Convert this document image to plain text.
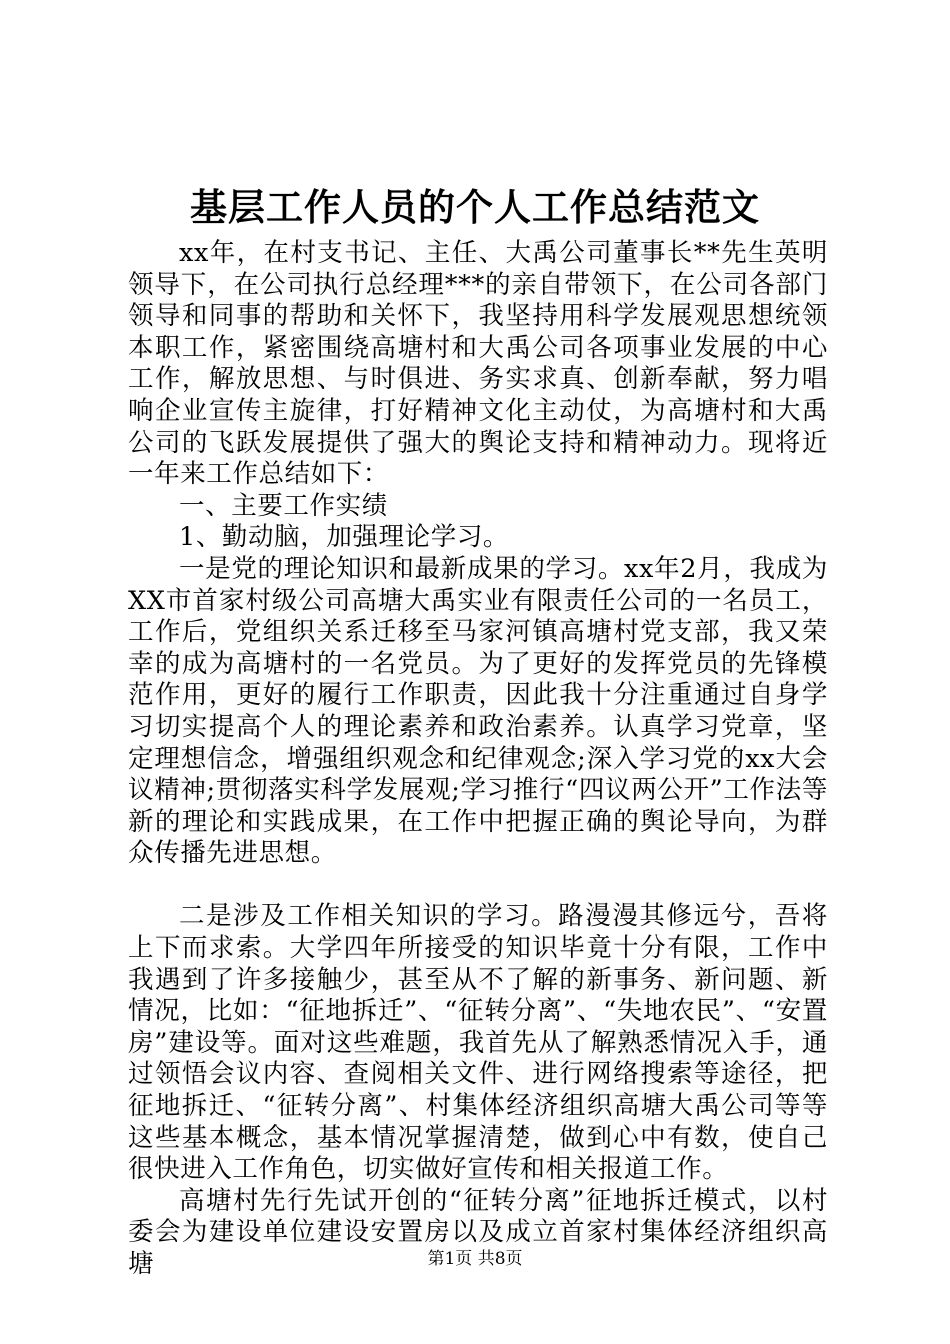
基层工作人员的个人工作总结范文

xx年，在村支书记、主任、大禹公司董事长**先生英明领导下，在公司执行总经理***的亲自带领下，在公司各部门领导和同事的帮助和关怀下，我坚持用科学发展观思想统领本职工作，紧密围绕高塘村和大禹公司各项事业发展的中心工作，解放思想、与时俱进、务实求真、创新奉献，努力唱响企业宣传主旋律，打好精神文化主动仗，为高塘村和大禹公司的飞跃发展提供了强大的舆论支持和精神动力。现将近一年来工作总结如下：

一、主要工作实绩

1、勤动脑，加强理论学习。

一是党的理论知识和最新成果的学习。xx年2月，我成为XX市首家村级公司高塘大禹实业有限责任公司的一名员工，工作后，党组织关系迁移至马家河镇高塘村党支部，我又荣幸的成为高塘村的一名党员。为了更好的发挥党员的先锋模范作用，更好的履行工作职责，因此我十分注重通过自身学习切实提高个人的理论素养和政治素养。认真学习党章，坚定理想信念，增强组织观念和纪律观念;深入学习党的xx大会议精神;贯彻落实科学发展观;学习推行“四议两公开”工作法等新的理论和实践成果，在工作中把握正确的舆论导向，为群众传播先进思想。

二是涉及工作相关知识的学习。路漫漫其修远兮，吾将上下而求索。大学四年所接受的知识毕竟十分有限，工作中我遇到了许多接触少，甚至从不了解的新事务、新问题、新情况，比如：“征地拆迁”、“征转分离”、“失地农民”、“安置房”建设等。面对这些难题，我首先从了解熟悉情况入手，通过领悟会议内容、查阅相关文件、进行网络搜索等途径，把征地拆迁、“征转分离”、村集体经济组织高塘大禹公司等等这些基本概念，基本情况掌握清楚，做到心中有数，使自己很快进入工作角色，切实做好宣传和相关报道工作。

高塘村先行先试开创的“征转分离”征地拆迁模式，以村委会为建设单位建设安置房以及成立首家村集体经济组织高塘	第1页 共8页
